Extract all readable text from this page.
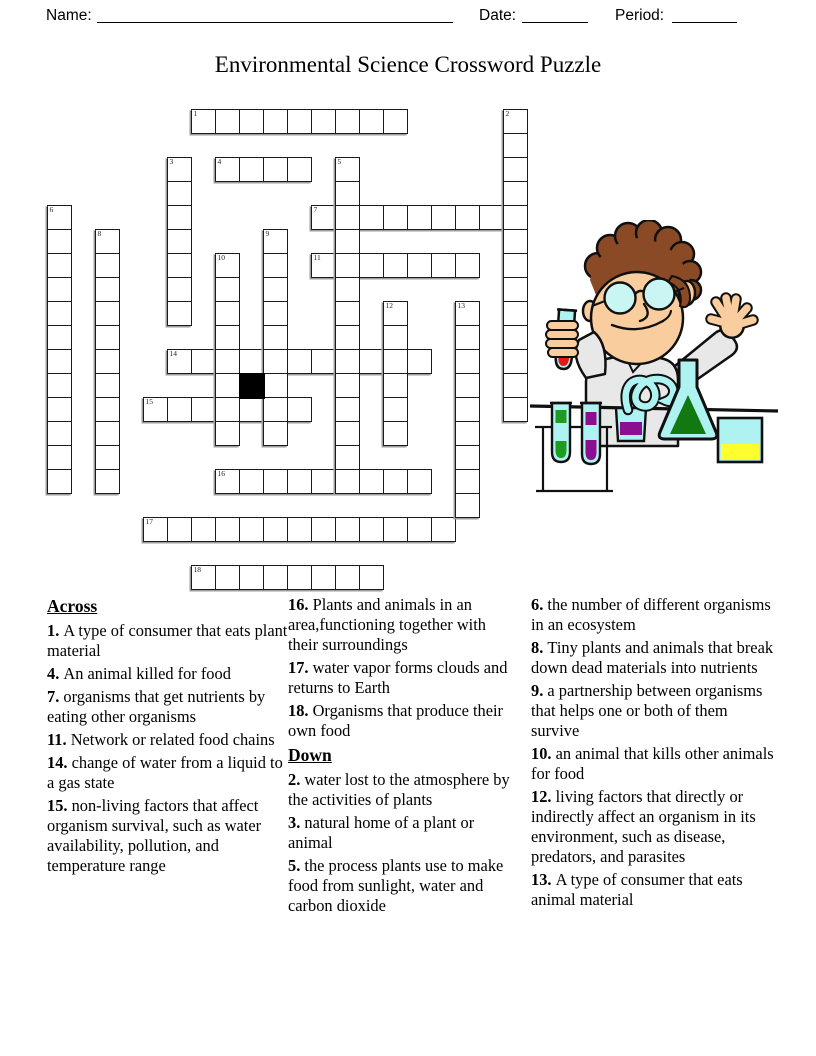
Name:	Date:	Period:
Environmental Science Crossword Puzzle
1
4
7
11
14
15
16
17
18
2
3	5
6
8	9
10
12	13
Across
1. A type of consumer that eats plant material
4. An animal killed for food
7. organisms that get nutrients by eating other organisms
11. Network or related food chains
14. change of water from a liquid to a gas state
15. non-living factors that affect organism survival, such as water availability, pollution, and temperature range
16. Plants and animals in an area,functioning together with their surroundings
17. water vapor forms clouds and returns to Earth
18. Organisms that produce their own food
Down
2. water lost to the atmosphere by the activities of plants
3. natural home of a plant or animal
5. the process plants use to make food from sunlight, water and carbon dioxide
6. the number of different organisms in an ecosystem
8. Tiny plants and animals that break down dead materials into nutrients
9. a partnership between organisms that helps one or both of them survive
10. an animal that kills other animals for food
12. living factors that directly or indirectly affect an organism in its environment, such as disease, predators, and parasites
13. A type of consumer that eats animal material
